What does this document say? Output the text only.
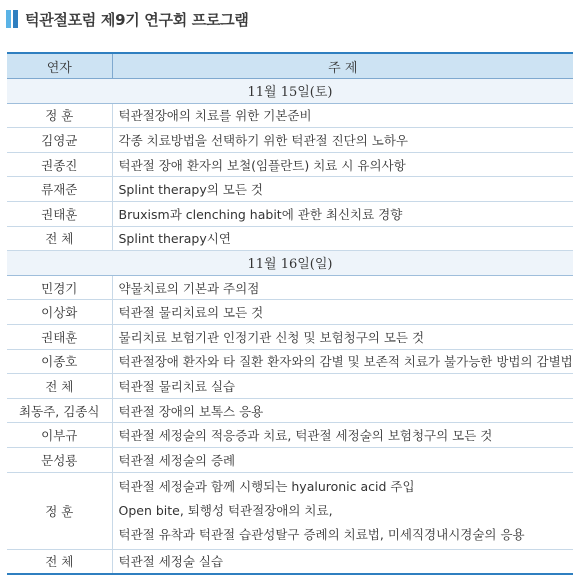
턱관절포럼 제9기 연구회 프로그램
연자	주 제
11월 15일(토)	
정 훈	턱관절장애의 치료를 위한 기본준비

김영균	각종 치료방법을 선택하기 위한 턱관절 진단의 노하우

권종진	턱관절 장애 환자의 보철(임플란트) 치료 시 유의사항

류재준	Splint therapy의 모든 것

권태훈	Bruxism과 clenching habit에 관한 최신치료 경향

전 체	Splint therapy시연

11월 16일(일)	
민경기	약물치료의 기본과 주의점

이상화	턱관절 물리치료의 모든 것

권태훈	물리치료 보험기관 인정기관 신청 및 보험청구의 모든 것

이종호	턱관절장애 환자와 타 질환 환자와의 감별 및 보존적 치료가 불가능한 방법의 감별법

전 체	턱관절 물리치료 실습

최동주, 김종식	턱관절 장애의 보톡스 응용

이부규	턱관절 세정술의 적응증과 치료, 턱관절 세정술의 보험청구의 모든 것

문성룡	턱관절 세정술의 증례

정 훈	턱관절 세정술과 함께 시행되는 hyaluronic acid 주입
Open bite, 퇴행성 턱관절장애의 치료,
턱관절 유착과 턱관절 습관성탈구 증례의 치료법, 미세직경내시경술의 응용

전 체	턱관절 세정술 실습
